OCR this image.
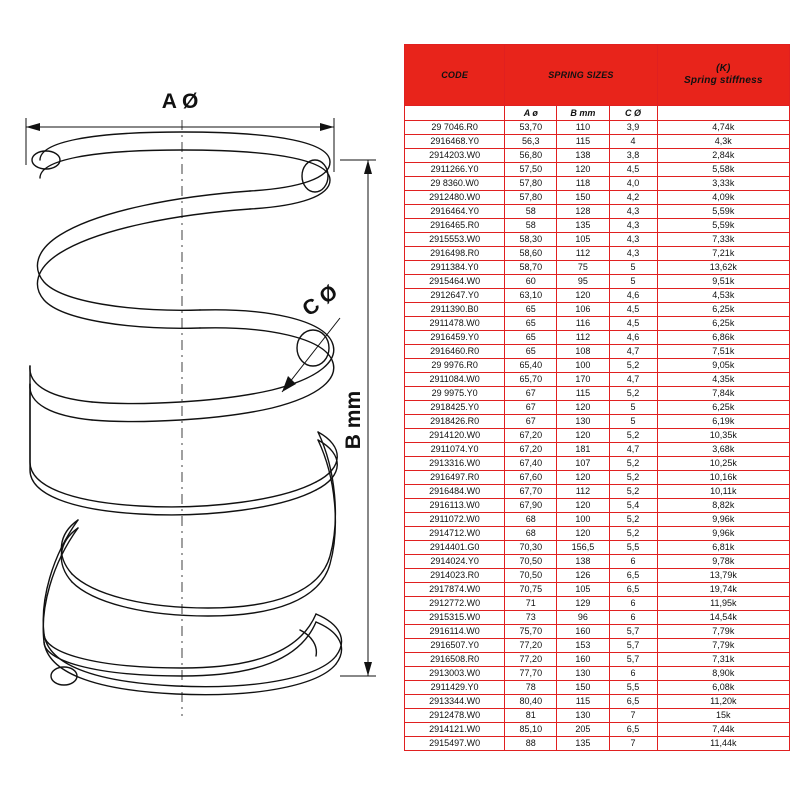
A Ø
B mm
C Ø
CODE	SPRING SIZES			(K)
Spring stiffness

	A ø	B mm	C Ø	
29 7046.R0	53,70	110	3,9	4,74k
2916468.Y0	56,3	115	4	4,3k
2914203.W0	56,80	138	3,8	2,84k
2911266.Y0	57,50	120	4,5	5,58k
29 8360.W0	57,80	118	4,0	3,33k
2912480.W0	57,80	150	4,2	4,09k
2916464.Y0	58	128	4,3	5,59k
2916465.R0	58	135	4,3	5,59k
2915553.W0	58,30	105	4,3	7,33k
2916498.R0	58,60	112	4,3	7,21k
2911384.Y0	58,70	75	5	13,62k
2915464.W0	60	95	5	9,51k
2912647.Y0	63,10	120	4,6	4,53k
2911390.B0	65	106	4,5	6,25k
2911478.W0	65	116	4,5	6,25k
2916459.Y0	65	112	4,6	6,86k
2916460.R0	65	108	4,7	7,51k
29 9976.R0	65,40	100	5,2	9,05k
2911084.W0	65,70	170	4,7	4,35k
29 9975.Y0	67	115	5,2	7,84k
2918425.Y0	67	120	5	6,25k
2918426.R0	67	130	5	6,19k
2914120.W0	67,20	120	5,2	10,35k
2911074.Y0	67,20	181	4,7	3,68k
2913316.W0	67,40	107	5,2	10,25k
2916497.R0	67,60	120	5,2	10,16k
2916484.W0	67,70	112	5,2	10,11k
2916113.W0	67,90	120	5,4	8,82k
2911072.W0	68	100	5,2	9,96k
2914712.W0	68	120	5,2	9,96k
2914401.G0	70,30	156,5	5,5	6,81k
2914024.Y0	70,50	138	6	9,78k
2914023.R0	70,50	126	6,5	13,79k
2917874.W0	70,75	105	6,5	19,74k
2912772.W0	71	129	6	11,95k
2915315.W0	73	96	6	14,54k
2916114.W0	75,70	160	5,7	7,79k
2916507.Y0	77,20	153	5,7	7,79k
2916508.R0	77,20	160	5,7	7,31k
2913003.W0	77,70	130	6	8,90k
2911429.Y0	78	150	5,5	6,08k
2913344.W0	80,40	115	6,5	11,20k
2912478.W0	81	130	7	15k
2914121.W0	85,10	205	6,5	7,44k
2915497.W0	88	135	7	11,44k
